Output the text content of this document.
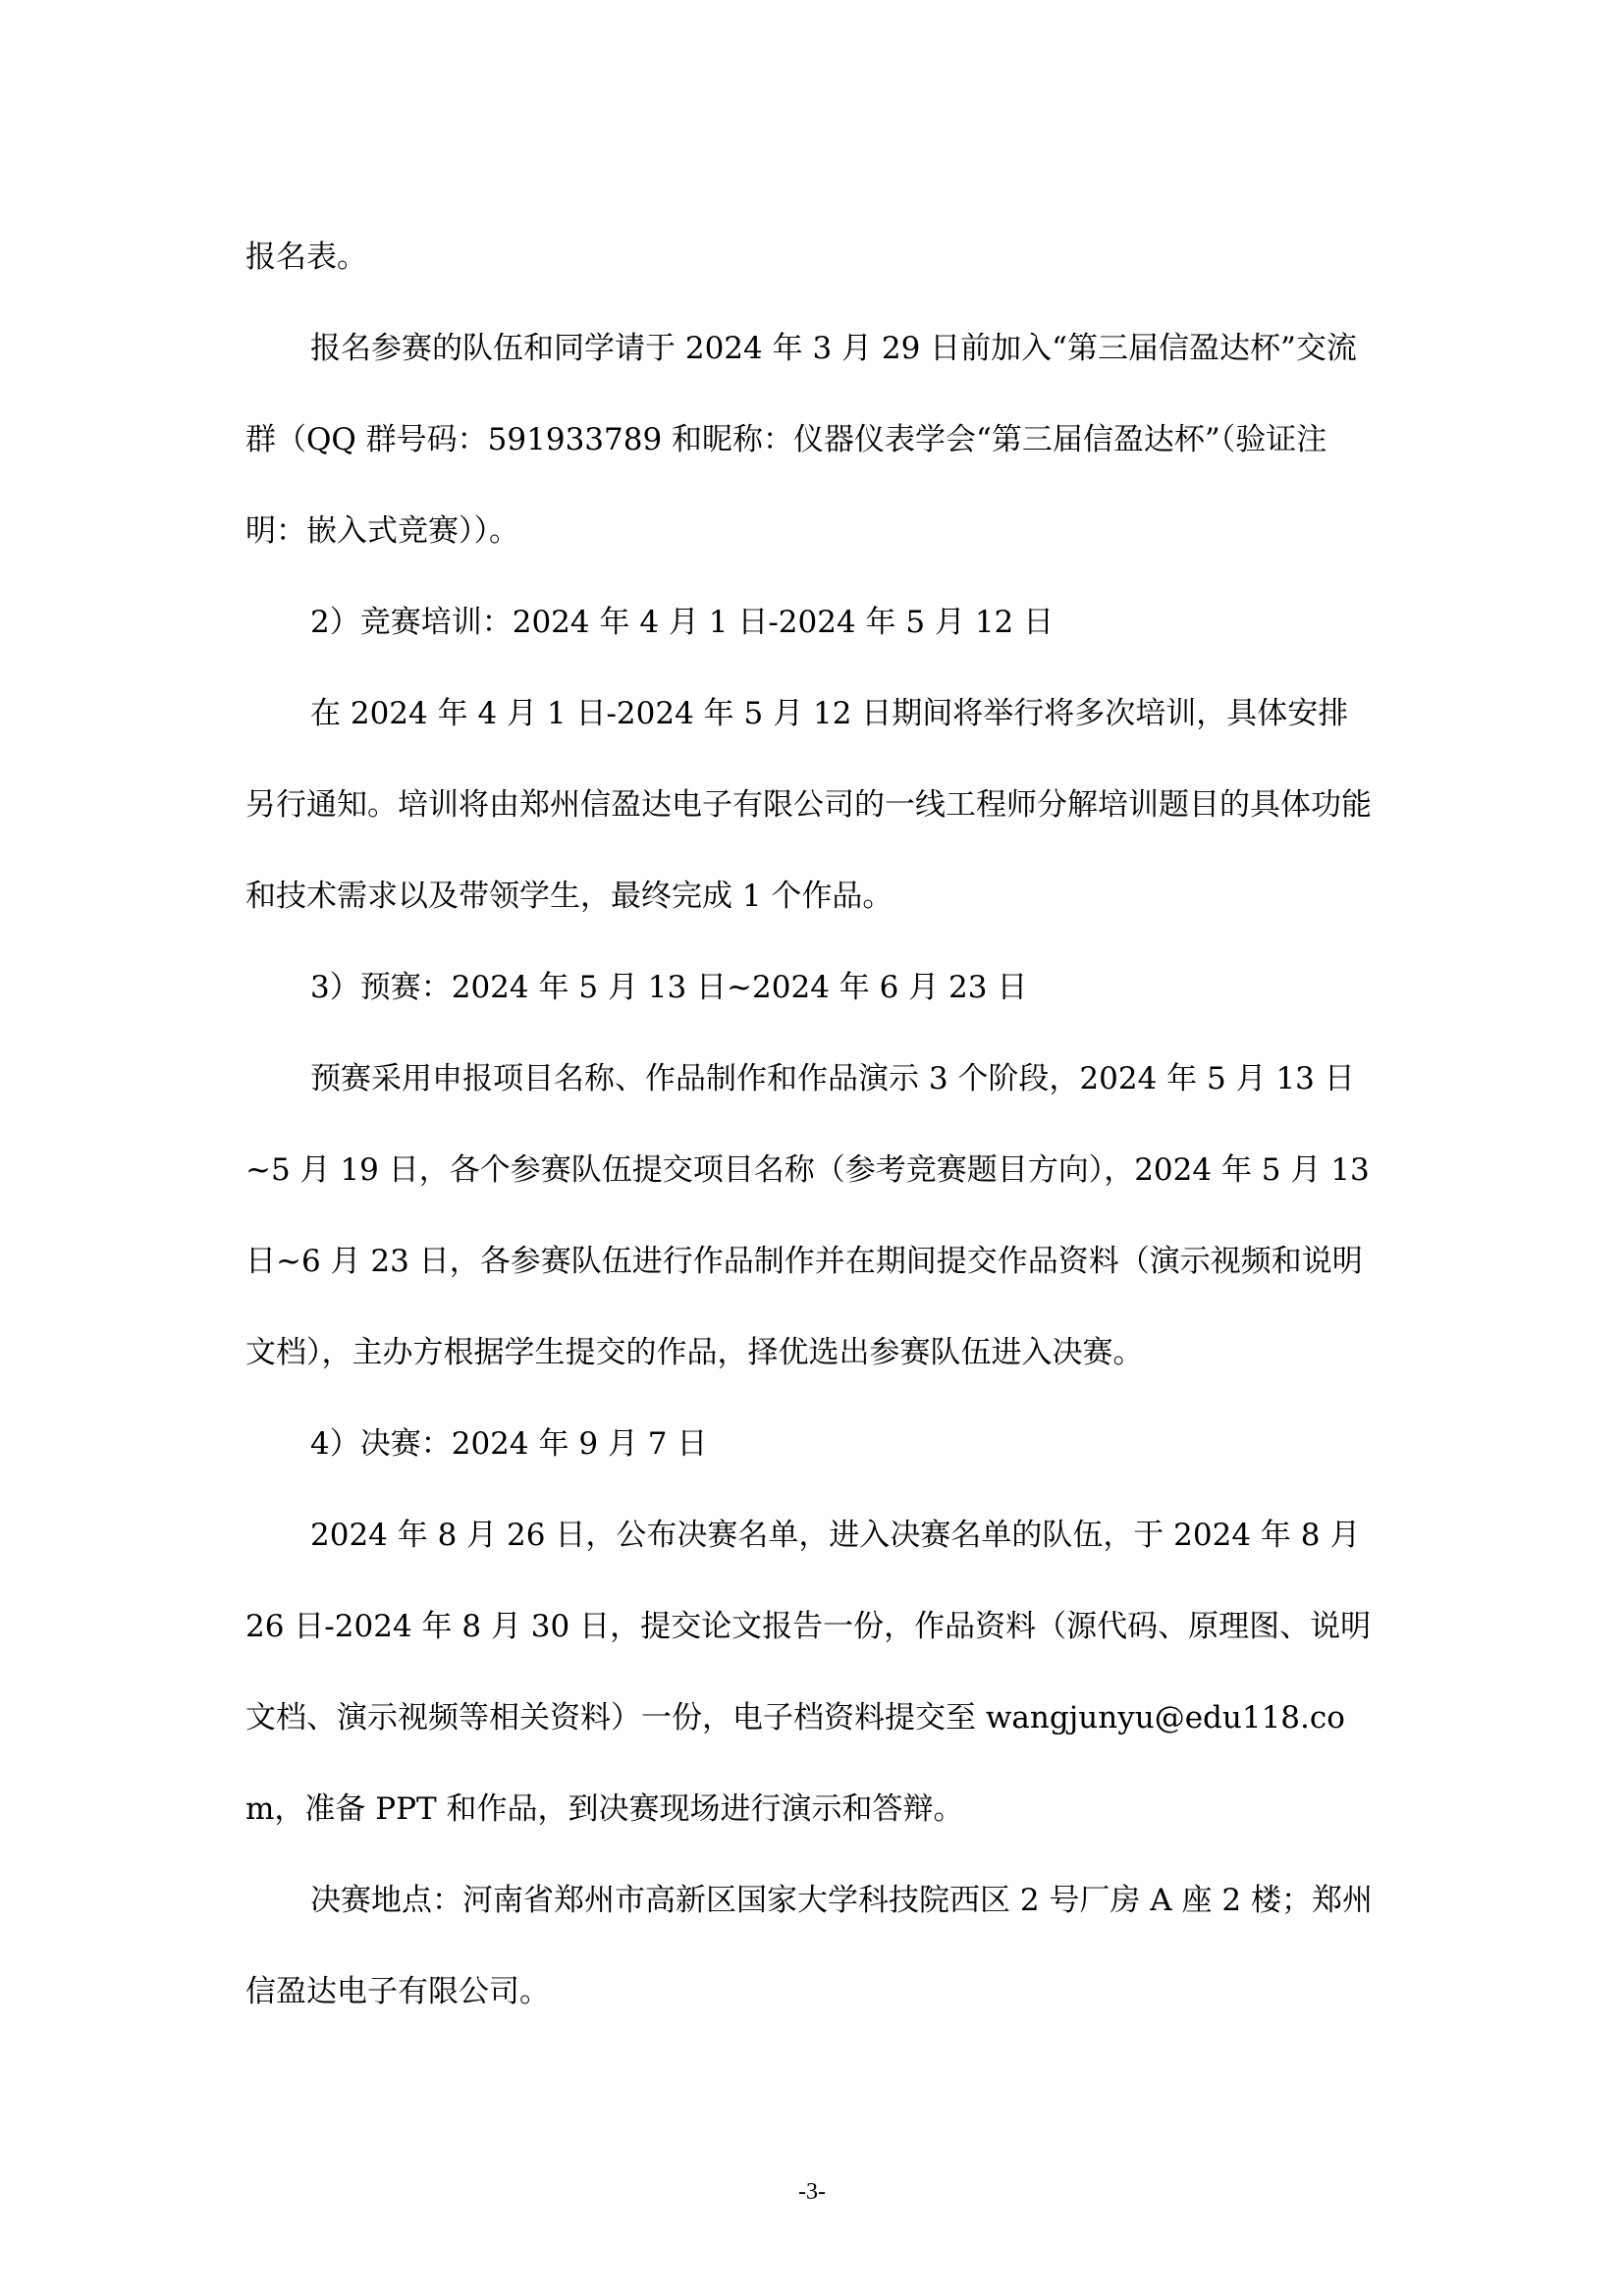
报名表。

报名参赛的队伍和同学请于 2024 年 3 月 29 日前加入“第三届信盈达杯”交流群（QQ 群号码：591933789 和昵称：仪器仪表学会“第三届信盈达杯”（验证注明：嵌入式竞赛））。

2）竞赛培训：2024 年 4 月 1 日-2024 年 5 月 12 日

在 2024 年 4 月 1 日-2024 年 5 月 12 日期间将举行将多次培训，具体安排另行通知。培训将由郑州信盈达电子有限公司的一线工程师分解培训题目的具体功能和技术需求以及带领学生，最终完成 1 个作品。

3）预赛：2024 年 5 月 13 日~2024 年 6 月 23 日

预赛采用申报项目名称、作品制作和作品演示 3 个阶段，2024 年 5 月 13 日~5 月 19 日，各个参赛队伍提交项目名称（参考竞赛题目方向），2024 年 5 月 13 日~6 月 23 日，各参赛队伍进行作品制作并在期间提交作品资料（演示视频和说明文档），主办方根据学生提交的作品，择优选出参赛队伍进入决赛。

4）决赛：2024 年 9 月 7 日

2024 年 8 月 26 日，公布决赛名单，进入决赛名单的队伍，于 2024 年 8 月 26 日-2024 年 8 月 30 日，提交论文报告一份，作品资料（源代码、原理图、说明文档、演示视频等相关资料）一份，电子档资料提交至 wangjunyu@edu118.com，准备 PPT 和作品，到决赛现场进行演示和答辩。

决赛地点：河南省郑州市高新区国家大学科技院西区 2 号厂房 A 座 2 楼；郑州信盈达电子有限公司。

-3-
